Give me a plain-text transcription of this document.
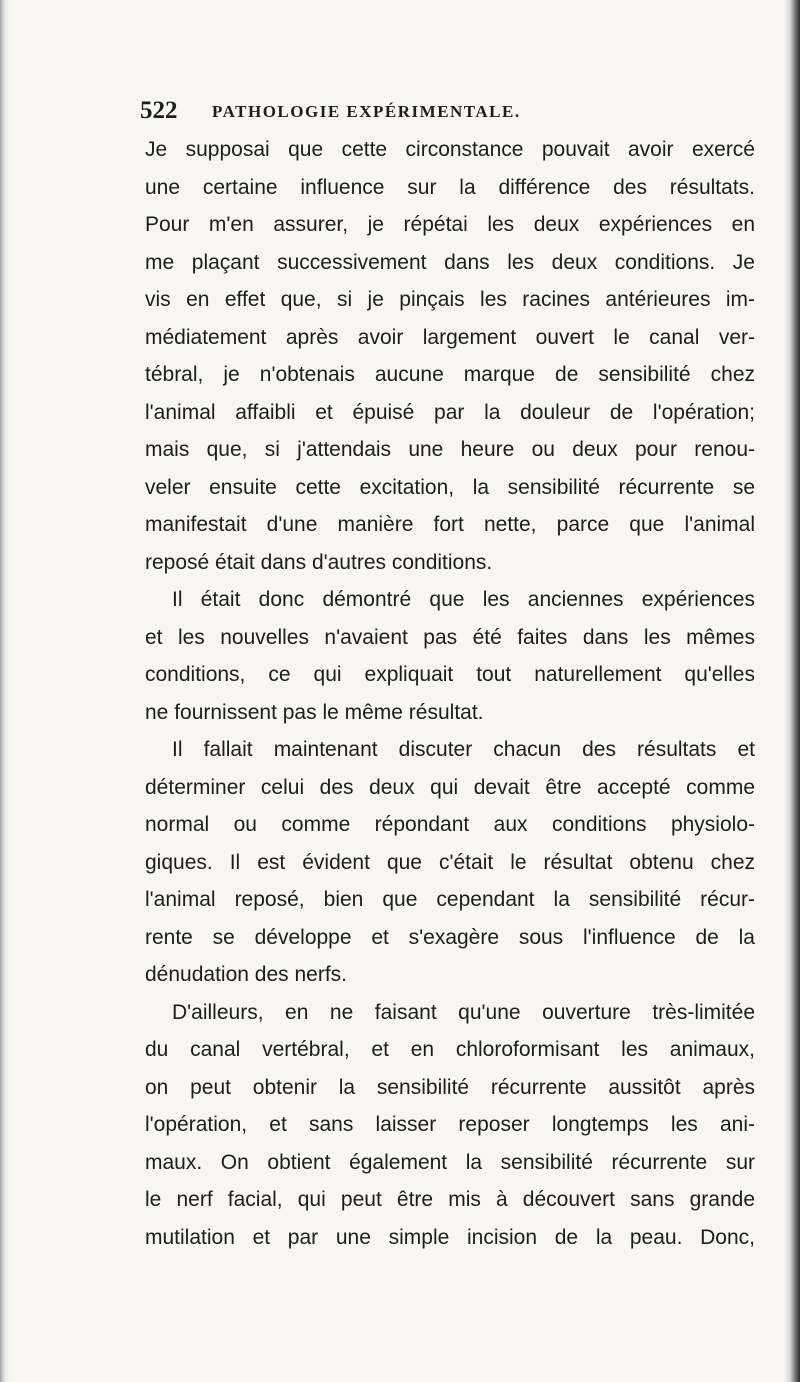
522 PATHOLOGIE EXPÉRIMENTALE.
Je supposai que cette circonstance pouvait avoir exercé
une certaine influence sur la différence des résultats.
Pour m'en assurer, je répétai les deux expériences en
me plaçant successivement dans les deux conditions. Je
vis en effet que, si je pinçais les racines antérieures im-
médiatement après avoir largement ouvert le canal ver-
tébral, je n'obtenais aucune marque de sensibilité chez
l'animal affaibli et épuisé par la douleur de l'opération;
mais que, si j'attendais une heure ou deux pour renou-
veler ensuite cette excitation, la sensibilité récurrente se
manifestait d'une manière fort nette, parce que l'animal
reposé était dans d'autres conditions.
Il était donc démontré que les anciennes expériences
et les nouvelles n'avaient pas été faites dans les mêmes
conditions, ce qui expliquait tout naturellement qu'elles
ne fournissent pas le même résultat.
Il fallait maintenant discuter chacun des résultats et
déterminer celui des deux qui devait être accepté comme
normal ou comme répondant aux conditions physiolo-
giques. Il est évident que c'était le résultat obtenu chez
l'animal reposé, bien que cependant la sensibilité récur-
rente se développe et s'exagère sous l'influence de la
dénudation des nerfs.
D'ailleurs, en ne faisant qu'une ouverture très-limitée
du canal vertébral, et en chloroformisant les animaux,
on peut obtenir la sensibilité récurrente aussitôt après
l'opération, et sans laisser reposer longtemps les ani-
maux. On obtient également la sensibilité récurrente sur
le nerf facial, qui peut être mis à découvert sans grande
mutilation et par une simple incision de la peau. Donc,
